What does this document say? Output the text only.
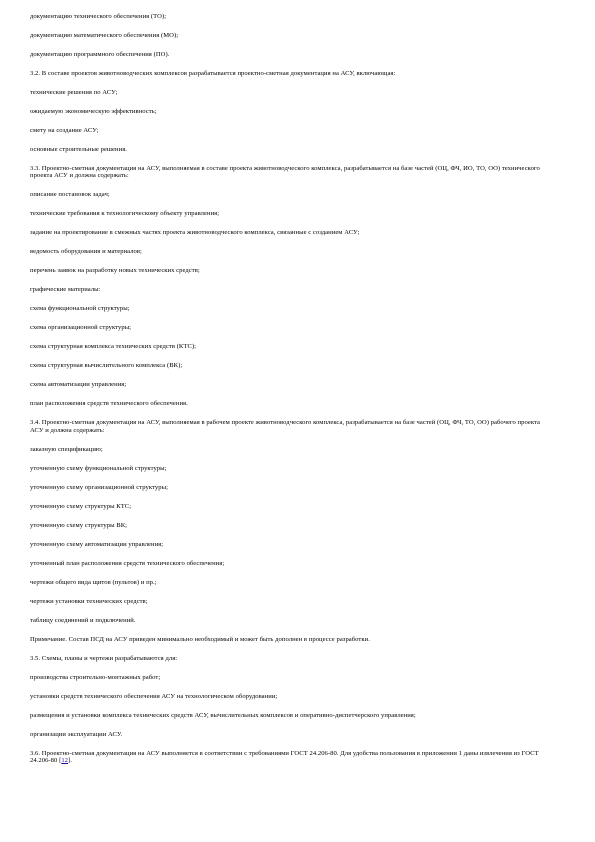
документацию технического обеспечения (ТО);

документацию математического обеспечения (МО);

документацию программного обеспечения (ПО).

3.2. В составе проектов животноводческих комплексов разрабатывается проектно-сметная документация на АСУ, включающая:

технические решения по АСУ;

ожидаемую экономическую эффективность;

смету на создание АСУ;

основные строительные решения.

3.3. Проектно-сметная документация на АСУ, выполняемая в составе проекта животноводческого комплекса, разрабатывается на базе частей (ОЦ, ФЧ, ИО, ТО, ОО) технического проекта АСУ и должна содержать:

описание постановок задач;

технические требования к технологическому объекту управления;

задание на проектирование в смежных частях проекта животноводческого комплекса, связанные с созданием АСУ;

ведомость оборудования и материалов;

перечень заявок на разработку новых технических средств;

графические материалы:

схема функциональной структуры;

схема организационной структуры;

схема структурная комплекса технических средств (КТС);

схема структурная вычислительного комплекса (ВК);

схема автоматизации управления;

план расположения средств технического обеспечения.

3.4. Проектно-сметная документация на АСУ, выполняемая в рабочем проекте животноводческого комплекса, разрабатывается на базе частей (ОЦ, ФЧ, ТО, ОО) рабочего проекта АСУ и должна содержать:

заказную спецификацию;

уточненную схему функциональной структуры;

уточненную схему организационной структуры;

уточненную схему структуры КТС;

уточненную схему структуры ВК;

уточненную схему автоматизации управления;

уточненный план расположения средств технического обеспечения;

чертежи общего вида щитов (пультов) и пр.;

чертежи установки технических средств;

таблицу соединений и подключений.

Примечание. Состав ПСД на АСУ приведен минимально необходимый и может быть дополнен в процессе разработки.

3.5. Схемы, планы и чертежи разрабатываются для:

производства строительно-монтажных работ;

установки средств технического обеспечения АСУ на технологическом оборудовании;

размещения и установки комплекса технических средств АСУ, вычислительных комплексов и оперативно-диспетчерского управления;

организации эксплуатации АСУ.

3.6. Проектно-сметная документация на АСУ выполняется в соответствии с требованиями ГОСТ 24.206-80. Для удобства пользования в приложении 1 даны извлечения из ГОСТ 24.206-80 [12].
